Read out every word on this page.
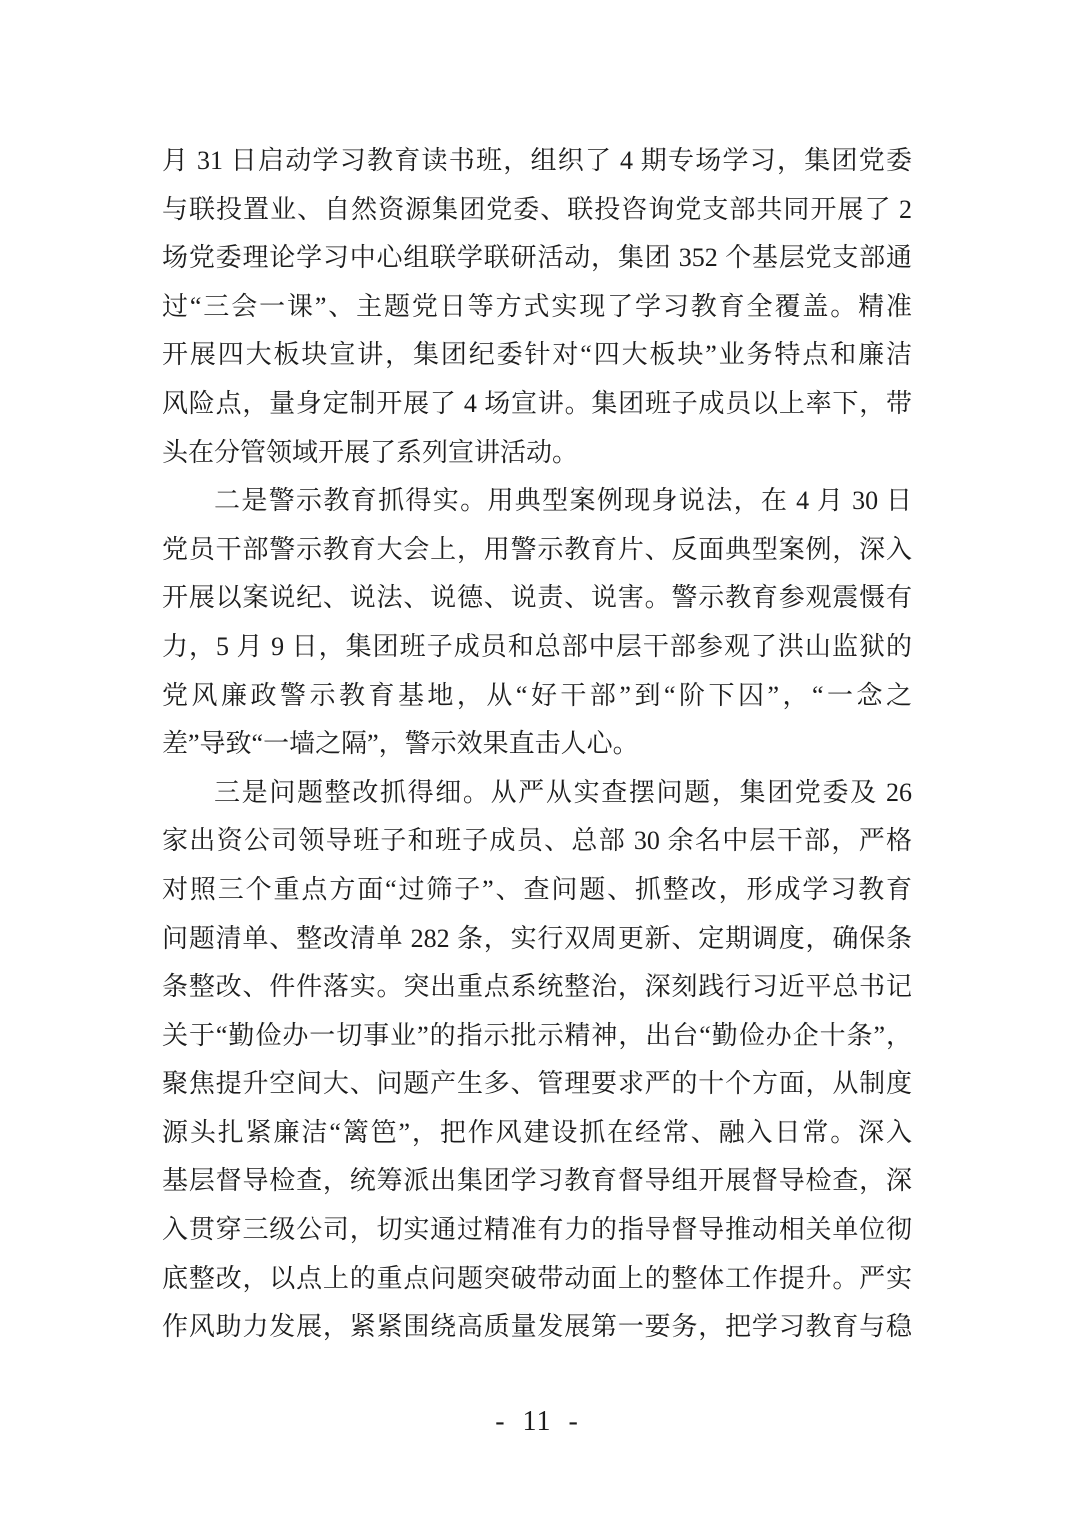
月 31 日启动学习教育读书班，组织了 4 期专场学习，集团党委
与联投置业、自然资源集团党委、联投咨询党支部共同开展了 2
场党委理论学习中心组联学联研活动，集团 352 个基层党支部通
过“三会一课”、主题党日等方式实现了学习教育全覆盖。精准
开展四大板块宣讲，集团纪委针对“四大板块”业务特点和廉洁
风险点，量身定制开展了 4 场宣讲。集团班子成员以上率下，带
头在分管领域开展了系列宣讲活动。
二是警示教育抓得实。用典型案例现身说法，在 4 月 30 日
党员干部警示教育大会上，用警示教育片、反面典型案例，深入
开展以案说纪、说法、说德、说责、说害。警示教育参观震慑有
力，5 月 9 日，集团班子成员和总部中层干部参观了洪山监狱的
党风廉政警示教育基地，从“好干部”到“阶下囚”，“一念之
差”导致“一墙之隔”，警示效果直击人心。
三是问题整改抓得细。从严从实查摆问题，集团党委及 26
家出资公司领导班子和班子成员、总部 30 余名中层干部，严格
对照三个重点方面“过筛子”、查问题、抓整改，形成学习教育
问题清单、整改清单 282 条，实行双周更新、定期调度，确保条
条整改、件件落实。突出重点系统整治，深刻践行习近平总书记
关于“勤俭办一切事业”的指示批示精神，出台“勤俭办企十条”，
聚焦提升空间大、问题产生多、管理要求严的十个方面，从制度
源头扎紧廉洁“篱笆”，把作风建设抓在经常、融入日常。深入
基层督导检查，统筹派出集团学习教育督导组开展督导检查，深
入贯穿三级公司，切实通过精准有力的指导督导推动相关单位彻
底整改，以点上的重点问题突破带动面上的整体工作提升。严实
作风助力发展，紧紧围绕高质量发展第一要务，把学习教育与稳
- 11 -
